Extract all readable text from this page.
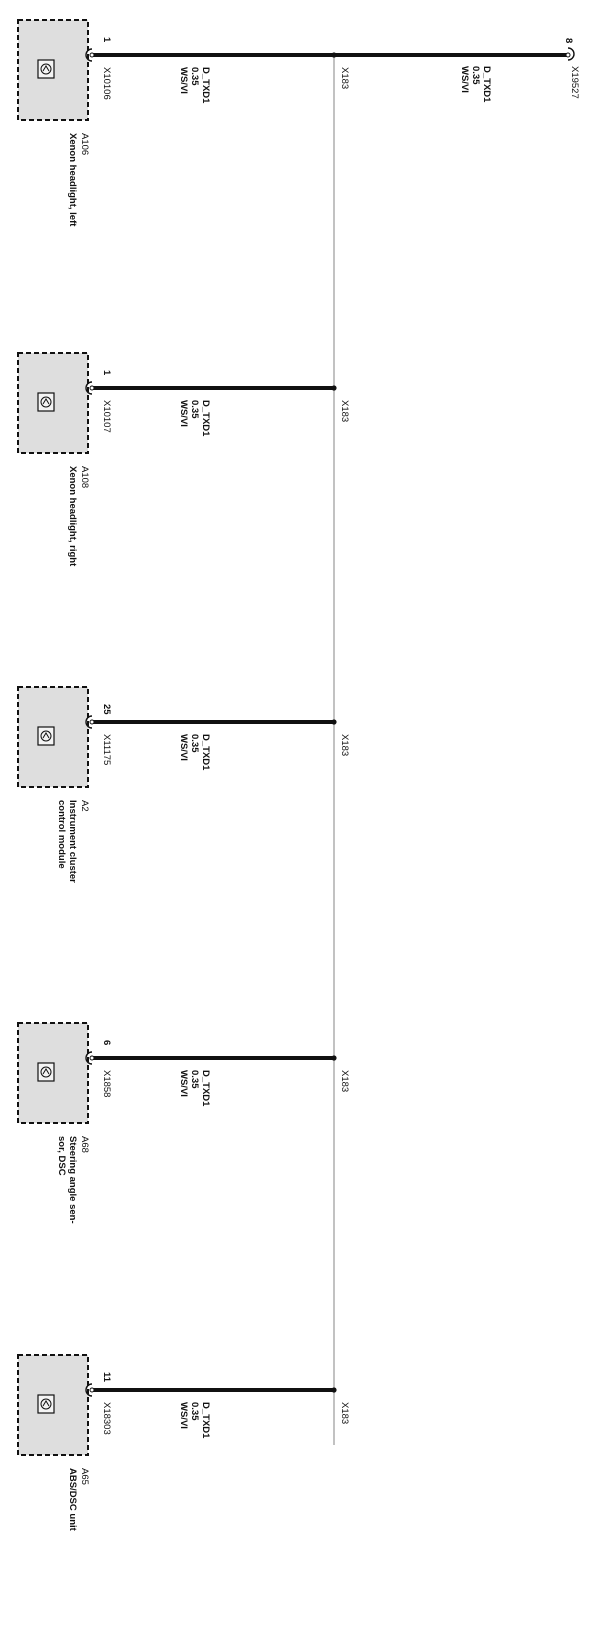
8
X19527
D_TXD1
0.35
WS/VI
1
X10106	D_TXD1
0.35
WS/VI	X183
A106
Xenon headlight, left
1
X10107	D_TXD1
0.35
WS/VI	X183
A108
Xenon headlight, right
25
X11175	D_TXD1
0.35
WS/VI	X183
A2
Instrument cluster
control module
6
X1858	D_TXD1
0.35
WS/VI	X183
A68
Steering angle sen-
sor, DSC
11
X18303	D_TXD1
0.35
WS/VI	X183
A65
ABS/DSC unit
